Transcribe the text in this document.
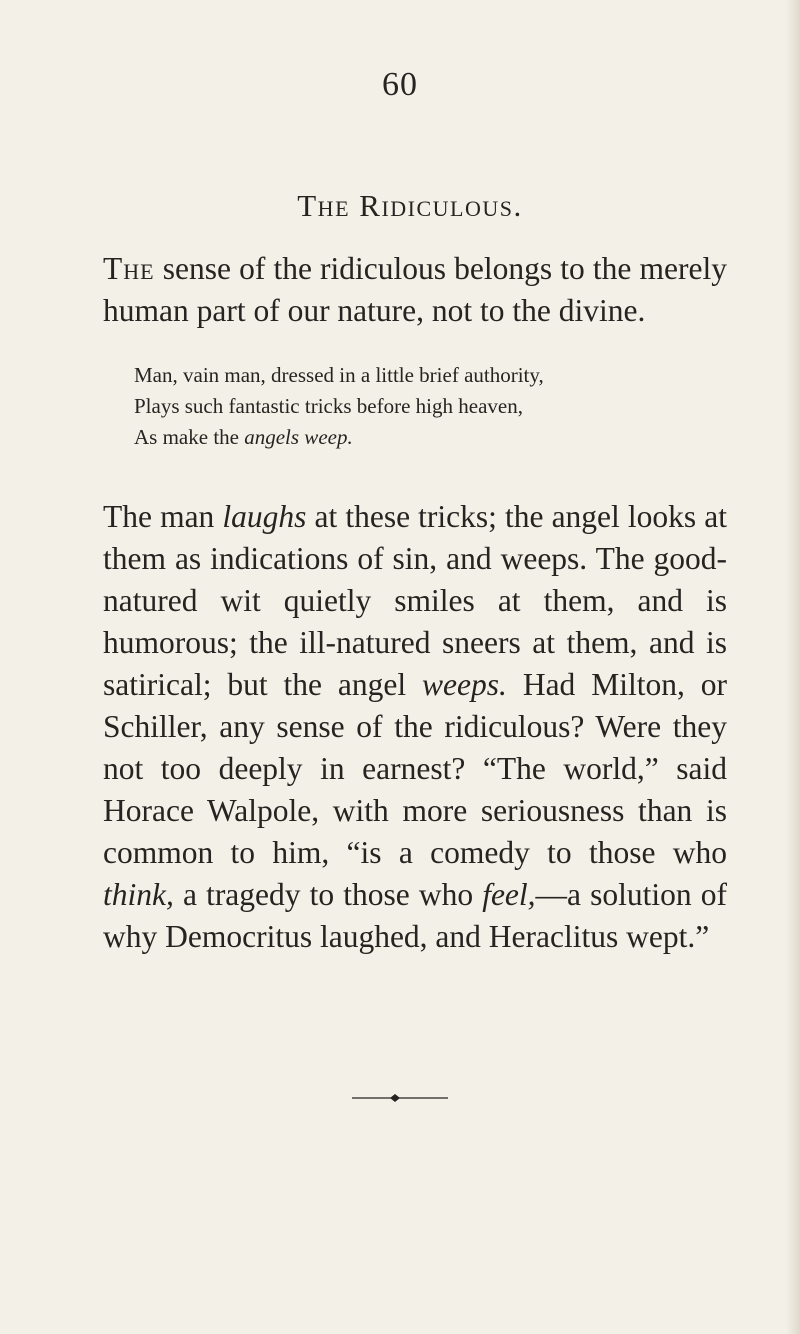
60
The Ridiculous.

The sense of the ridiculous belongs to the merely human part of our nature, not to the divine.

Man, vain man, dressed in a little brief authority,
Plays such fantastic tricks before high heaven,
As make the angels weep.

The man laughs at these tricks; the angel looks at them as indications of sin, and weeps. The good-natured wit quietly smiles at them, and is humorous; the ill-natured sneers at them, and is satirical; but the angel weeps. Had Milton, or Schiller, any sense of the ridiculous? Were they not too deeply in earnest? “The world,” said Horace Walpole, with more seriousness than is common to him, “is a comedy to those who think, a tragedy to those who feel,—a solution of why Democritus laughed, and Heraclitus wept.”
